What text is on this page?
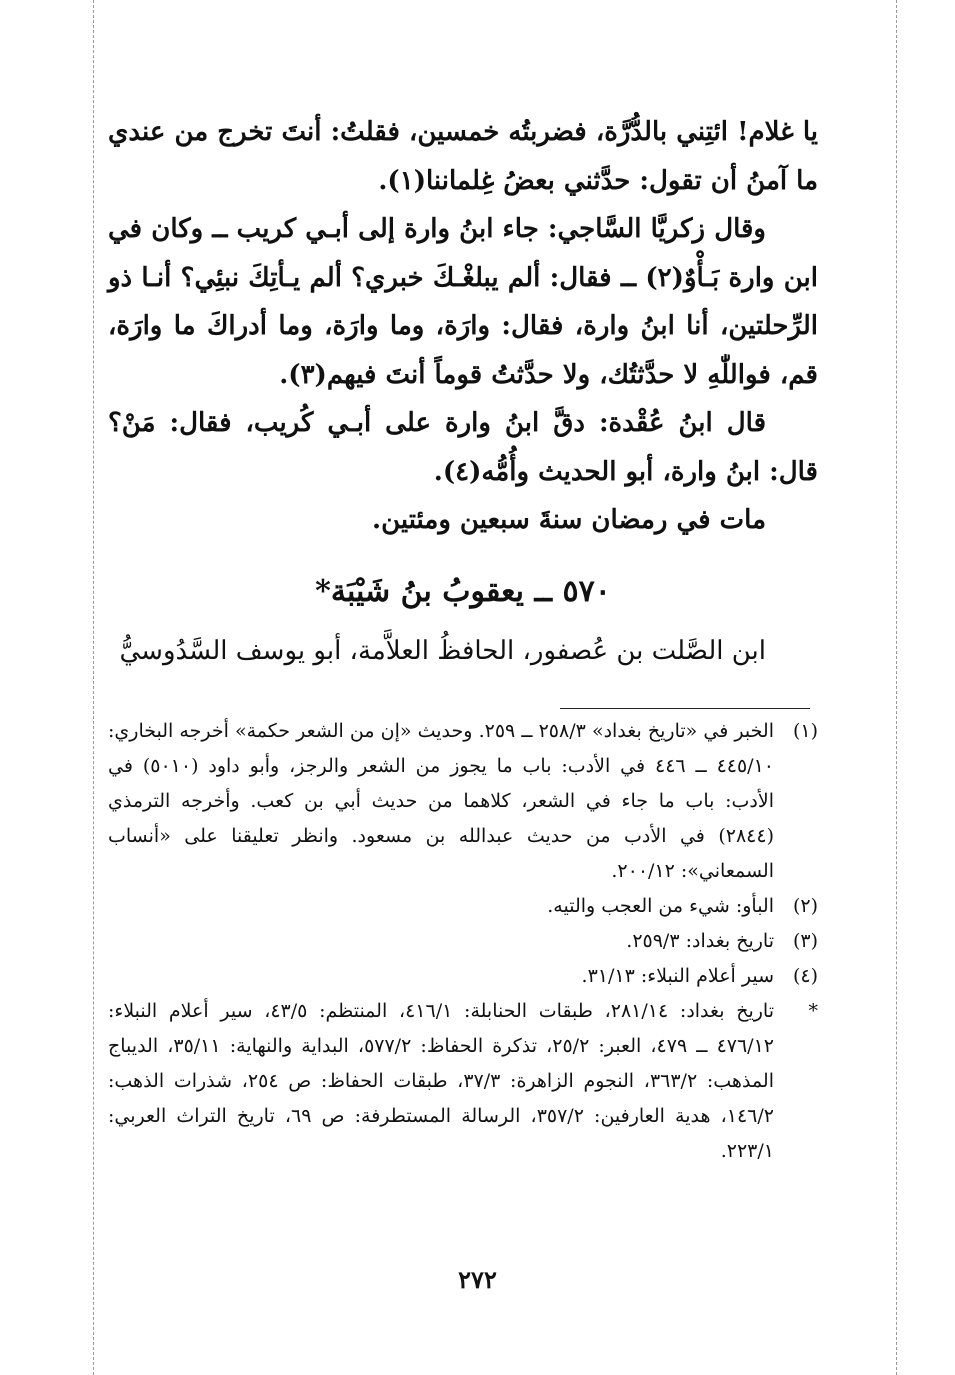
يا غلام! ائتِني بالدُّرَّة، فضربتُه خمسين، فقلتُ: أنتَ تخرج من عندي ما آمنُ أن تقول: حدَّثني بعضُ غِلماننا(١).

وقال زكريَّا السَّاجي: جاء ابنُ وارة إلى أبـي كريب ــ وكان في ابن وارة بَـأْوٌ(٢) ــ فقال: ألم يبلغْـكَ خبري؟ ألم يـأتِكَ نبئِي؟ أنـا ذو الرِّحلتين، أنا ابنُ وارة، فقال: وارَة، وما وارَة، وما أدراكَ ما وارَة، قم، فواللّٰهِ لا حدَّثتُك، ولا حدَّثتُ قوماً أنتَ فيهم(٣).

قال ابنُ عُقْدة: دقَّ ابنُ وارة على أبـي كُريب، فقال: مَنْ؟ قال: ابنُ وارة، أبو الحديث وأُمُّه(٤).

مات في رمضان سنةَ سبعين ومئتين.

٥٧٠ ــ يعقوبُ بنُ شَيْبَة*

ابن الصَّلت بن عُصفور، الحافظُ العلاَّمة، أبو يوسف السَّدُوسيُّ

(١)
الخبر في «تاريخ بغداد» ٢٥٨/٣ ــ ٢٥٩. وحديث «إن من الشعر حكمة» أخرجه البخاري: ٤٤٥/١٠ ــ ٤٤٦ في الأدب: باب ما يجوز من الشعر والرجز، وأبو داود (٥٠١٠) في الأدب: باب ما جاء في الشعر، كلاهما من حديث أبي بن كعب. وأخرجه الترمذي (٢٨٤٤) في الأدب من حديث عبدالله بن مسعود. وانظر تعليقنا على «أنساب السمعاني»: ٢٠٠/١٢.
(٢)
البأو: شيء من العجب والتيه.
(٣)
تاريخ بغداد: ٢٥٩/٣.
(٤)
سير أعلام النبلاء: ٣١/١٣.
*
تاريخ بغداد: ٢٨١/١٤، طبقات الحنابلة: ٤١٦/١، المنتظم: ٤٣/٥، سير أعلام النبلاء: ٤٧٦/١٢ ــ ٤٧٩، العبر: ٢٥/٢، تذكرة الحفاظ: ٥٧٧/٢، البداية والنهاية: ٣٥/١١، الديباج المذهب: ٣٦٣/٢، النجوم الزاهرة: ٣٧/٣، طبقات الحفاظ: ص ٢٥٤، شذرات الذهب: ١٤٦/٢، هدية العارفين: ٣٥٧/٢، الرسالة المستطرفة: ص ٦٩، تاريخ التراث العربي: ٢٢٣/١.
٢٧٢
